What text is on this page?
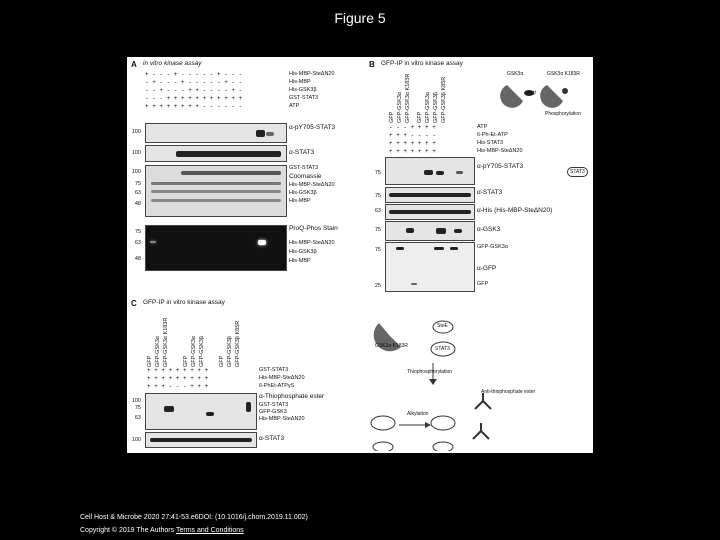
Figure 5
A in vitro kinase assay
+ - - - + - - - - - + - - -	His-MBP-SteΔN20
- + - - - + - - - - - + - -	His-MBP
- - + - - - + + - - - - + -	His-GSK3β
- - - + + + + + + + + + + +	GST-STAT3
+ + + + + + + + - - - - - -	ATP
100
α-pY705-STAT3
100	α-STAT3
100
75
63
48
GST-STAT3
Coomassie
His-MBP-SteΔN20
His-GSK3β
His-MBP
75
63
48
ProQ-Phos Stain
His-MBP-SteΔN20
His-GSK3β
His-MBP
B GFP-IP in vitro kinase assay
GFP GFP-GSK3α GFP-GSK3α K183R GFP GFP-GSK3α GFP-GSK3β GFP-GSK3β K85R
- - - + + + +	ATP
+ + + - - - -	6-Ph-Et-ATP
+ + + + + + +	His-STAT3
+ + + + + + +	His-MBP-SteΔN20
GSK3α	GSK3α K183R
ATP
Phosphorylation
STAT3
75
α-pY705-STAT3
75	α-STAT3
63	α-His (His-MBP-SteΔN20)
75	α-GSK3
75
25
GFP-GSK3α
α-GFP
GFP
C GFP-IP in vitro kinase assay
GFP GFP-GSK3α GFP-GSK3α K183R	GFP GFP-GSK3α GFP-GSK3β	GFP GFP-GSK3β GFP-GSK3β K85R
+ + + + + + + + +	GST-STAT3
+ + + + + + + + +	His-MBP-SteΔN20
+ + + - - - + + +	6-PhEt-ATPγS
100
75
63
α-Thiophosphate ester
GST-STAT3
GFP-GSK3
His-MBP-SteΔN20
100	α-STAT3
GSK3α K183R
SteE
STAT3
Thiophosphorylation
Anti-thiophosphate ester
Alkylation
Cell Host & Microbe 2020 27:41-53.e6DOI: (10.1016/j.chom.2019.11.002)
Copyright © 2019 The Authors Terms and Conditions
